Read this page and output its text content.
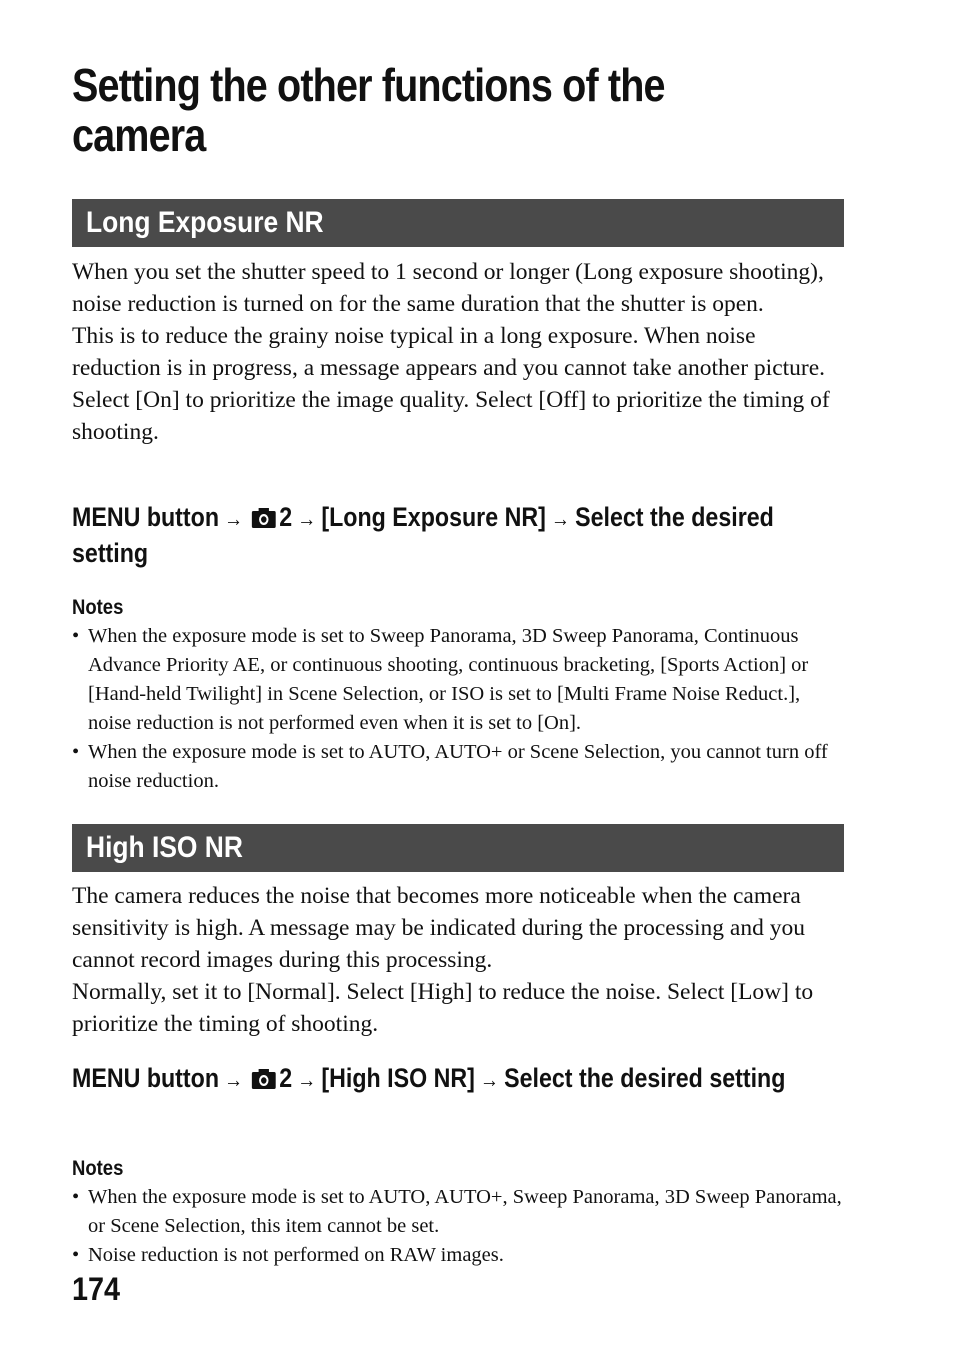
Setting the other functions of the camera
Long Exposure NR

When you set the shutter speed to 1 second or longer (Long exposure shooting), noise reduction is turned on for the same duration that the shutter is open.

This is to reduce the grainy noise typical in a long exposure. When noise reduction is in progress, a message appears and you cannot take another picture. Select [On] to prioritize the image quality. Select [Off] to prioritize the timing of shooting.

MENU button → 2 → [Long Exposure NR] → Select the desired setting
Notes
• When the exposure mode is set to Sweep Panorama, 3D Sweep Panorama, Continuous Advance Priority AE, or continuous shooting, continuous bracketing, [Sports Action] or [Hand-held Twilight] in Scene Selection, or ISO is set to [Multi Frame Noise Reduct.], noise reduction is not performed even when it is set to [On].
• When the exposure mode is set to AUTO, AUTO+ or Scene Selection, you cannot turn off noise reduction.
High ISO NR

The camera reduces the noise that becomes more noticeable when the camera sensitivity is high. A message may be indicated during the processing and you cannot record images during this processing.

Normally, set it to [Normal]. Select [High] to reduce the noise. Select [Low] to prioritize the timing of shooting.

MENU button → 2 → [High ISO NR] → Select the desired setting
Notes
• When the exposure mode is set to AUTO, AUTO+, Sweep Panorama, 3D Sweep Panorama, or Scene Selection, this item cannot be set.
• Noise reduction is not performed on RAW images.
174
